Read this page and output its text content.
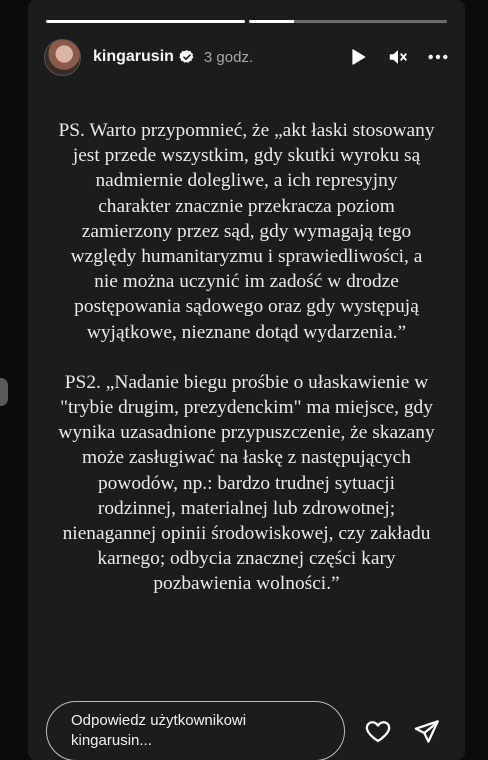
kingarusin 3 godz.

PS. Warto przypomnieć, że „akt łaski stosowany jest przede wszystkim, gdy skutki wyroku są nadmiernie dolegliwe, a ich represyjny charakter znacznie przekracza poziom zamierzony przez sąd, gdy wymagają tego względy humanitaryzmu i sprawiedliwości, a nie można uczynić im zadość w drodze postępowania sądowego oraz gdy występują wyjątkowe, nieznane dotąd wydarzenia.”

PS2. „Nadanie biegu prośbie o ułaskawienie w "trybie drugim, prezydenckim" ma miejsce, gdy wynika uzasadnione przypuszczenie, że skazany może zasługiwać na łaskę z następujących powodów, np.: bardzo trudnej sytuacji rodzinnej, materialnej lub zdrowotnej; nienagannej opinii środowiskowej, czy zakładu karnego; odbycia znacznej części kary pozbawienia wolności.”

Odpowiedz użytkownikowi kingarusin...
